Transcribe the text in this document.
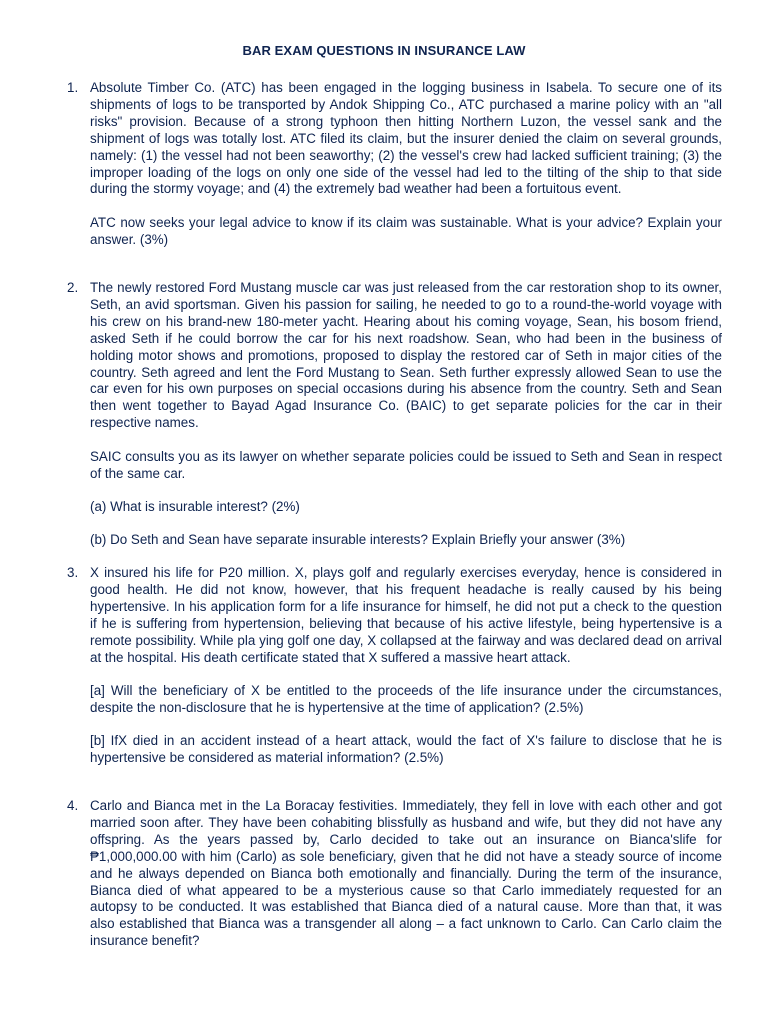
BAR EXAM QUESTIONS IN INSURANCE LAW
1. Absolute Timber Co. (ATC) has been engaged in the logging business in Isabela. To secure one of its shipments of logs to be transported by Andok Shipping Co., ATC purchased a marine policy with an "all risks" provision. Because of a strong typhoon then hitting Northern Luzon, the vessel sank and the shipment of logs was totally lost. ATC filed its claim, but the insurer denied the claim on several grounds, namely: (1) the vessel had not been seaworthy; (2) the vessel's crew had lacked sufficient training; (3) the improper loading of the logs on only one side of the vessel had led to the tilting of the ship to that side during the stormy voyage; and (4) the extremely bad weather had been a fortuitous event.

ATC now seeks your legal advice to know if its claim was sustainable. What is your advice? Explain your answer. (3%)

2. The newly restored Ford Mustang muscle car was just released from the car restoration shop to its owner, Seth, an avid sportsman. Given his passion for sailing, he needed to go to a round-the-world voyage with his crew on his brand-new 180-meter yacht. Hearing about his coming voyage, Sean, his bosom friend, asked Seth if he could borrow the car for his next roadshow. Sean, who had been in the business of holding motor shows and promotions, proposed to display the restored car of Seth in major cities of the country. Seth agreed and lent the Ford Mustang to Sean. Seth further expressly allowed Sean to use the car even for his own purposes on special occasions during his absence from the country. Seth and Sean then went together to Bayad Agad Insurance Co. (BAIC) to get separate policies for the car in their respective names.

SAIC consults you as its lawyer on whether separate policies could be issued to Seth and Sean in respect of the same car.

(a) What is insurable interest? (2%)

(b) Do Seth and Sean have separate insurable interests? Explain Briefly your answer (3%)

3. X insured his life for P20 million. X, plays golf and regularly exercises everyday, hence is considered in good health. He did not know, however, that his frequent headache is really caused by his being hypertensive. In his application form for a life insurance for himself, he did not put a check to the question if he is suffering from hypertension, believing that because of his active lifestyle, being hypertensive is a remote possibility. While pla ying golf one day, X collapsed at the fairway and was declared dead on arrival at the hospital. His death certificate stated that X suffered a massive heart attack.

[a] Will the beneficiary of X be entitled to the proceeds of the life insurance under the circumstances, despite the non-disclosure that he is hypertensive at the time of application? (2.5%)

[b] IfX died in an accident instead of a heart attack, would the fact of X's failure to disclose that he is hypertensive be considered as material information? (2.5%)

4. Carlo and Bianca met in the La Boracay festivities. Immediately, they fell in love with each other and got married soon after. They have been cohabiting blissfully as husband and wife, but they did not have any offspring. As the years passed by, Carlo decided to take out an insurance on Bianca'slife for ₱1,000,000.00 with him (Carlo) as sole beneficiary, given that he did not have a steady source of income and he always depended on Bianca both emotionally and financially. During the term of the insurance, Bianca died of what appeared to be a mysterious cause so that Carlo immediately requested for an autopsy to be conducted. It was established that Bianca died of a natural cause. More than that, it was also established that Bianca was a transgender all along – a fact unknown to Carlo. Can Carlo claim the insurance benefit?
